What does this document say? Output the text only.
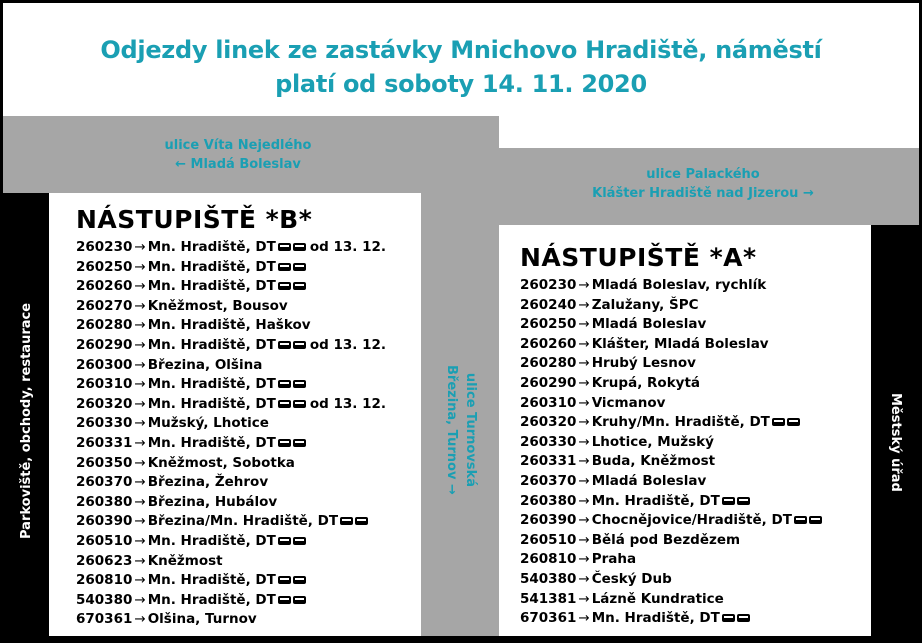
Odjezdy linek ze zastávky Mnichovo Hradiště, náměstí
platí od soboty 14. 11. 2020
ulice Víta Nejedlého
← Mladá Boleslav
ulice Palackého
Klášter Hradiště nad Jizerou →
ulice Turnovská
Březina, Turnov →
Parkoviště, obchody, restaurace	Městský úřad
NÁSTUPIŠTĚ *B*
260230 → Mn. Hradiště, DT	od 13. 12.
260250 → Mn. Hradiště, DT
260260 → Mn. Hradiště, DT
260270 → Kněžmost, Bousov
260280 → Mn. Hradiště, Haškov
260290 → Mn. Hradiště, DT	od 13. 12.
260300 → Březina, Olšina
260310 → Mn. Hradiště, DT
260320 → Mn. Hradiště, DT	od 13. 12.
260330 → Mužský, Lhotice
260331 → Mn. Hradiště, DT
260350 → Kněžmost, Sobotka
260370 → Březina, Žehrov
260380 → Březina, Hubálov
260390 → Březina/Mn. Hradiště, DT
260510 → Mn. Hradiště, DT
260623 → Kněžmost
260810 → Mn. Hradiště, DT
540380 → Mn. Hradiště, DT
670361 → Olšina, Turnov
NÁSTUPIŠTĚ *A*
260230 → Mladá Boleslav, rychlík
260240 → Zalužany, ŠPC
260250 → Mladá Boleslav
260260 → Klášter, Mladá Boleslav
260280 → Hrubý Lesnov
260290 → Krupá, Rokytá
260310 → Vicmanov
260320 → Kruhy/Mn. Hradiště, DT
260330 → Lhotice, Mužský
260331 → Buda, Kněžmost
260370 → Mladá Boleslav
260380 → Mn. Hradiště, DT
260390 → Chocnějovice/Hradiště, DT
260510 → Bělá pod Bezdězem
260810 → Praha
540380 → Český Dub
541381 → Lázně Kundratice
670361 → Mn. Hradiště, DT
